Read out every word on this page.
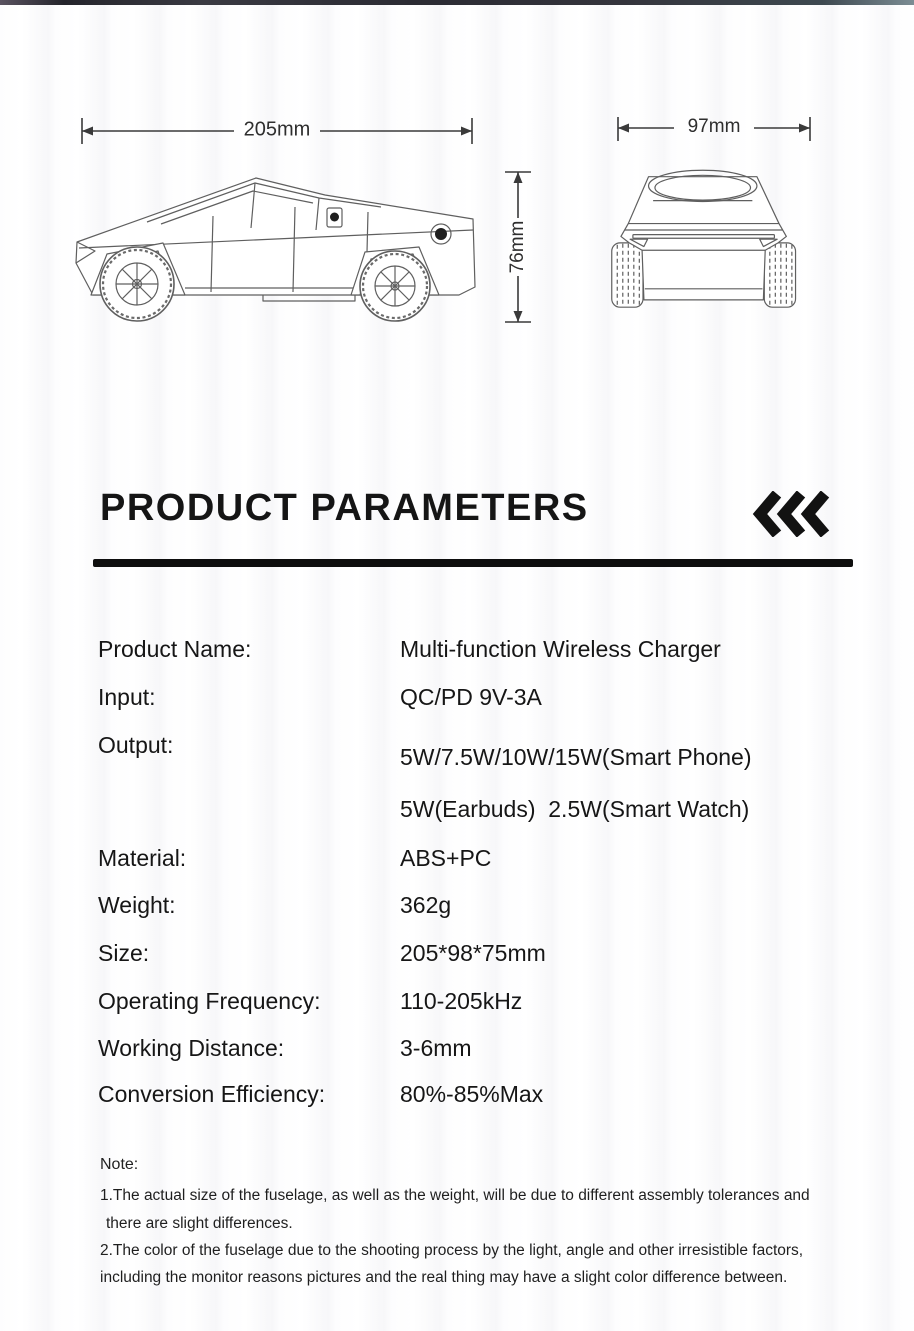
205mm
76mm
97mm
PRODUCT PARAMETERS
Product Name:	Multi-function Wireless Charger
Input:	QC/PD 9V-3A
Output:	5W/7.5W/10W/15W(Smart Phone)
5W(Earbuds)  2.5W(Smart Watch)
Material:	ABS+PC
Weight:	362g
Size:	205*98*75mm
Operating Frequency:	110-205kHz
Working Distance:	3-6mm
Conversion Efficiency:	80%-85%Max
Note:
1.The actual size of the fuselage, as well as the weight, will be due to different assembly tolerances and
there are slight differences.
2.The color of the fuselage due to the shooting process by the light, angle and other irresistible factors,
including the monitor reasons pictures and the real thing may have a slight color difference between.
